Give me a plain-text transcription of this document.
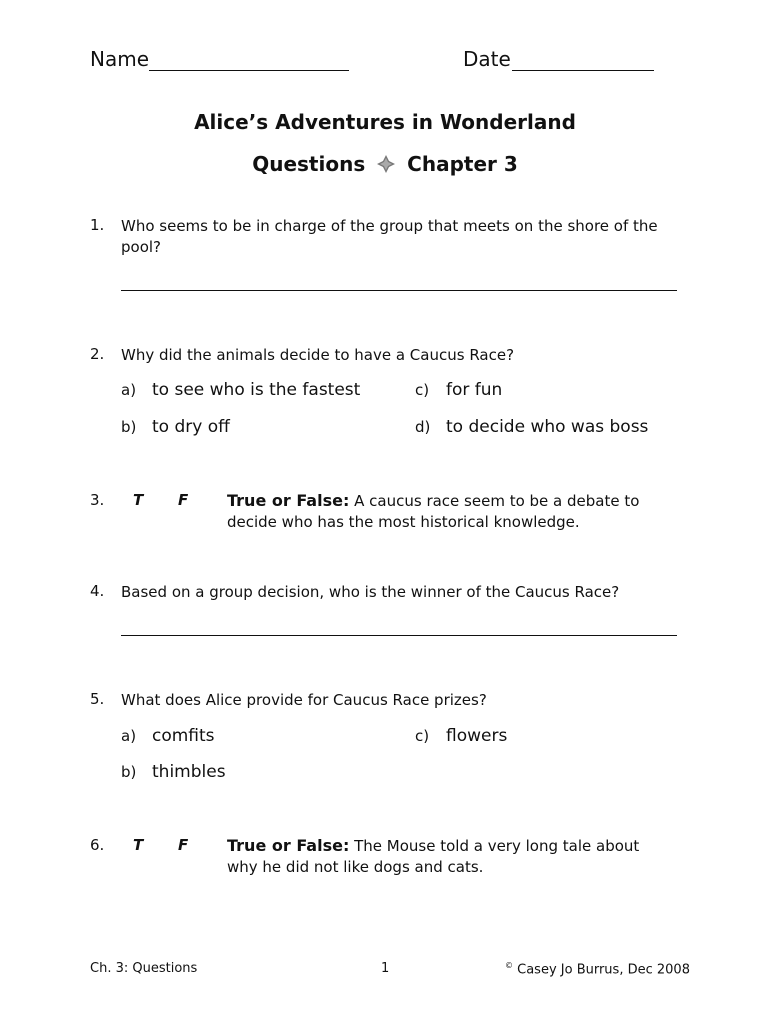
Name	Date
Alice’s Adventures in Wonderland
Questions Chapter 3
1. Who seems to be in charge of the group that meets on the shore of the pool?
2. Why did the animals decide to have a Caucus Race?
a) to see who is the fastest	c) for fun
b) to dry off	d) to decide who was boss
3. T F True or False: A caucus race seem to be a debate to decide who has the most historical knowledge.
4. Based on a group decision, who is the winner of the Caucus Race?
5. What does Alice provide for Caucus Race prizes?
a) comfits	c) flowers
b) thimbles
6. T F True or False: The Mouse told a very long tale about why he did not like dogs and cats.
Ch. 3: Questions	1	© Casey Jo Burrus, Dec 2008
